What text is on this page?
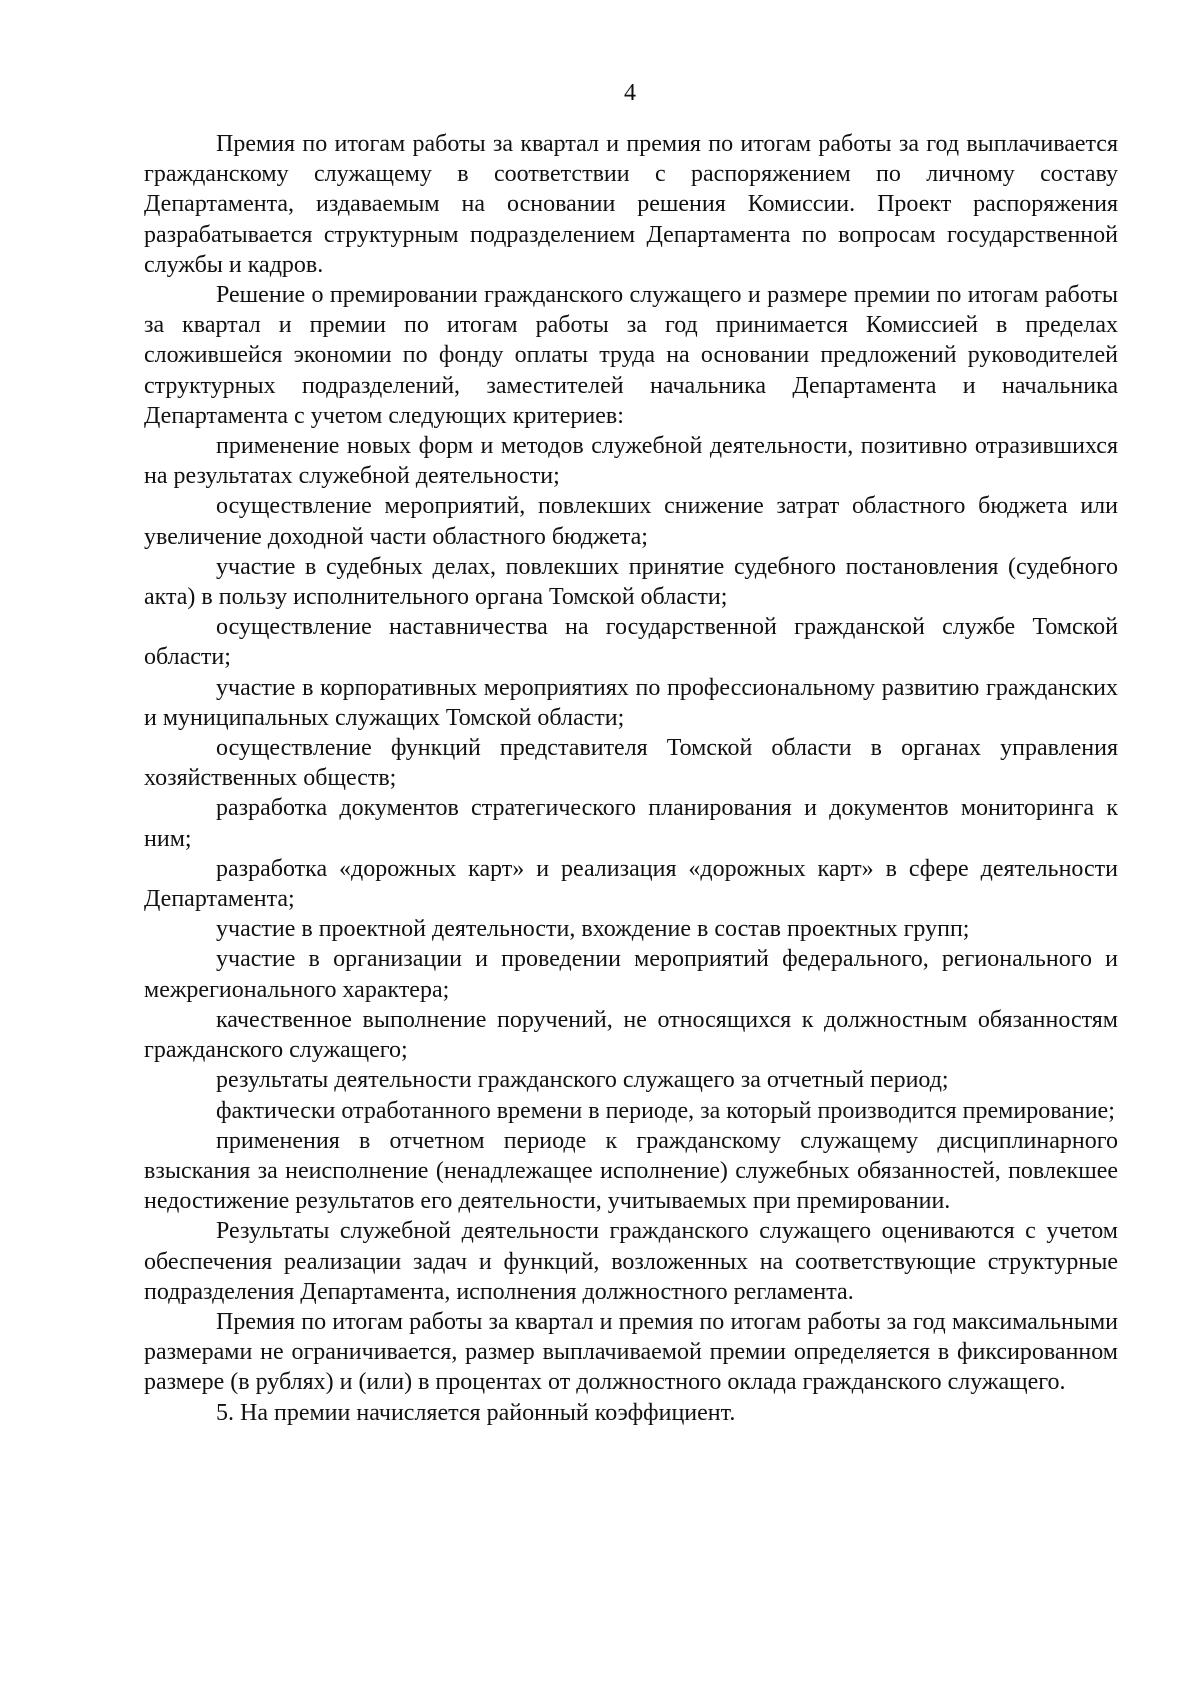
4

Премия по итогам работы за квартал и премия по итогам работы за год выплачивается гражданскому служащему в соответствии с распоряжением по личному составу Департамента, издаваемым на основании решения Комиссии. Проект распоряжения разрабатывается структурным подразделением Департамента по вопросам государственной службы и кадров.

Решение о премировании гражданского служащего и размере премии по итогам работы за квартал и премии по итогам работы за год принимается Комиссией в пределах сложившейся экономии по фонду оплаты труда на основании предложений руководителей структурных подразделений, заместителей начальника Департамента и начальника Департамента с учетом следующих критериев:

применение новых форм и методов служебной деятельности, позитивно отразившихся на результатах служебной деятельности;

осуществление мероприятий, повлекших снижение затрат областного бюджета или увеличение доходной части областного бюджета;

участие в судебных делах, повлекших принятие судебного постановления (судебного акта) в пользу исполнительного органа Томской области;

осуществление наставничества на государственной гражданской службе Томской области;

участие в корпоративных мероприятиях по профессиональному развитию гражданских и муниципальных служащих Томской области;

осуществление функций представителя Томской области в органах управления хозяйственных обществ;

разработка документов стратегического планирования и документов мониторинга к ним;

разработка «дорожных карт» и реализация «дорожных карт» в сфере деятельности Департамента;

участие в проектной деятельности, вхождение в состав проектных групп;

участие в организации и проведении мероприятий федерального, регионального и межрегионального характера;

качественное выполнение поручений, не относящихся к должностным обязанностям гражданского служащего;

результаты деятельности гражданского служащего за отчетный период;

фактически отработанного времени в периоде, за который производится премирование;

применения в отчетном периоде к гражданскому служащему дисциплинарного взыскания за неисполнение (ненадлежащее исполнение) служебных обязанностей, повлекшее недостижение результатов его деятельности, учитываемых при премировании.

Результаты служебной деятельности гражданского служащего оцениваются с учетом обеспечения реализации задач и функций, возложенных на соответствующие структурные подразделения Департамента, исполнения должностного регламента.

Премия по итогам работы за квартал и премия по итогам работы за год максимальными размерами не ограничивается, размер выплачиваемой премии определяется в фиксированном размере (в рублях) и (или) в процентах от должностного оклада гражданского служащего.

5. На премии начисляется районный коэффициент.
